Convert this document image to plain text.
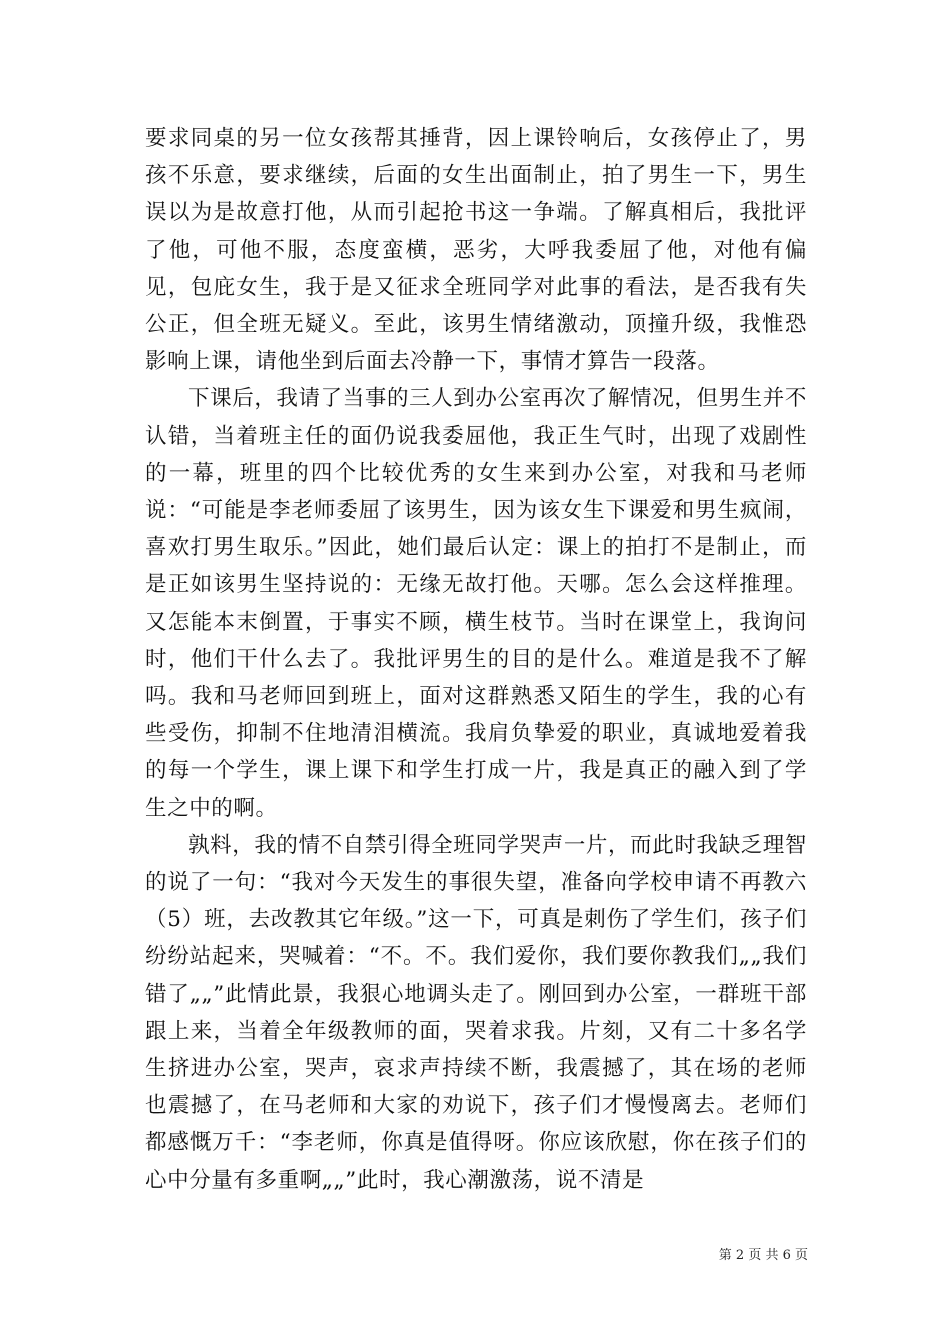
要求同桌的另一位女孩帮其捶背，因上课铃响后，女孩停止了，男孩不乐意，要求继续，后面的女生出面制止，拍了男生一下，男生误以为是故意打他，从而引起抢书这一争端。了解真相后，我批评了他，可他不服，态度蛮横，恶劣，大呼我委屈了他，对他有偏见，包庇女生，我于是又征求全班同学对此事的看法，是否我有失公正，但全班无疑义。至此，该男生情绪激动，顶撞升级，我惟恐影响上课，请他坐到后面去冷静一下，事情才算告一段落。

下课后，我请了当事的三人到办公室再次了解情况，但男生并不认错，当着班主任的面仍说我委屈他，我正生气时，出现了戏剧性的一幕，班里的四个比较优秀的女生来到办公室，对我和马老师说：“可能是李老师委屈了该男生，因为该女生下课爱和男生疯闹，喜欢打男生取乐。”因此，她们最后认定：课上的拍打不是制止，而是正如该男生坚持说的：无缘无故打他。天哪。怎么会这样推理。又怎能本末倒置，于事实不顾，横生枝节。当时在课堂上，我询问时，他们干什么去了。我批评男生的目的是什么。难道是我不了解吗。我和马老师回到班上，面对这群熟悉又陌生的学生，我的心有些受伤，抑制不住地清泪横流。我肩负挚爱的职业，真诚地爱着我的每一个学生，课上课下和学生打成一片，我是真正的融入到了学生之中的啊。

孰料，我的情不自禁引得全班同学哭声一片，而此时我缺乏理智的说了一句：“我对今天发生的事很失望，准备向学校申请不再教六（5）班，去改教其它年级。”这一下，可真是刺伤了学生们，孩子们纷纷站起来，哭喊着：“不。不。我们爱你，我们要你教我们„„我们错了„„”此情此景，我狠心地调头走了。刚回到办公室，一群班干部跟上来，当着全年级教师的面，哭着求我。片刻，又有二十多名学生挤进办公室，哭声，哀求声持续不断，我震撼了，其在场的老师也震撼了，在马老师和大家的劝说下，孩子们才慢慢离去。老师们都感慨万千：“李老师，你真是值得呀。你应该欣慰，你在孩子们的心中分量有多重啊„„”此时，我心潮激荡，说不清是

第 2 页 共 6 页
